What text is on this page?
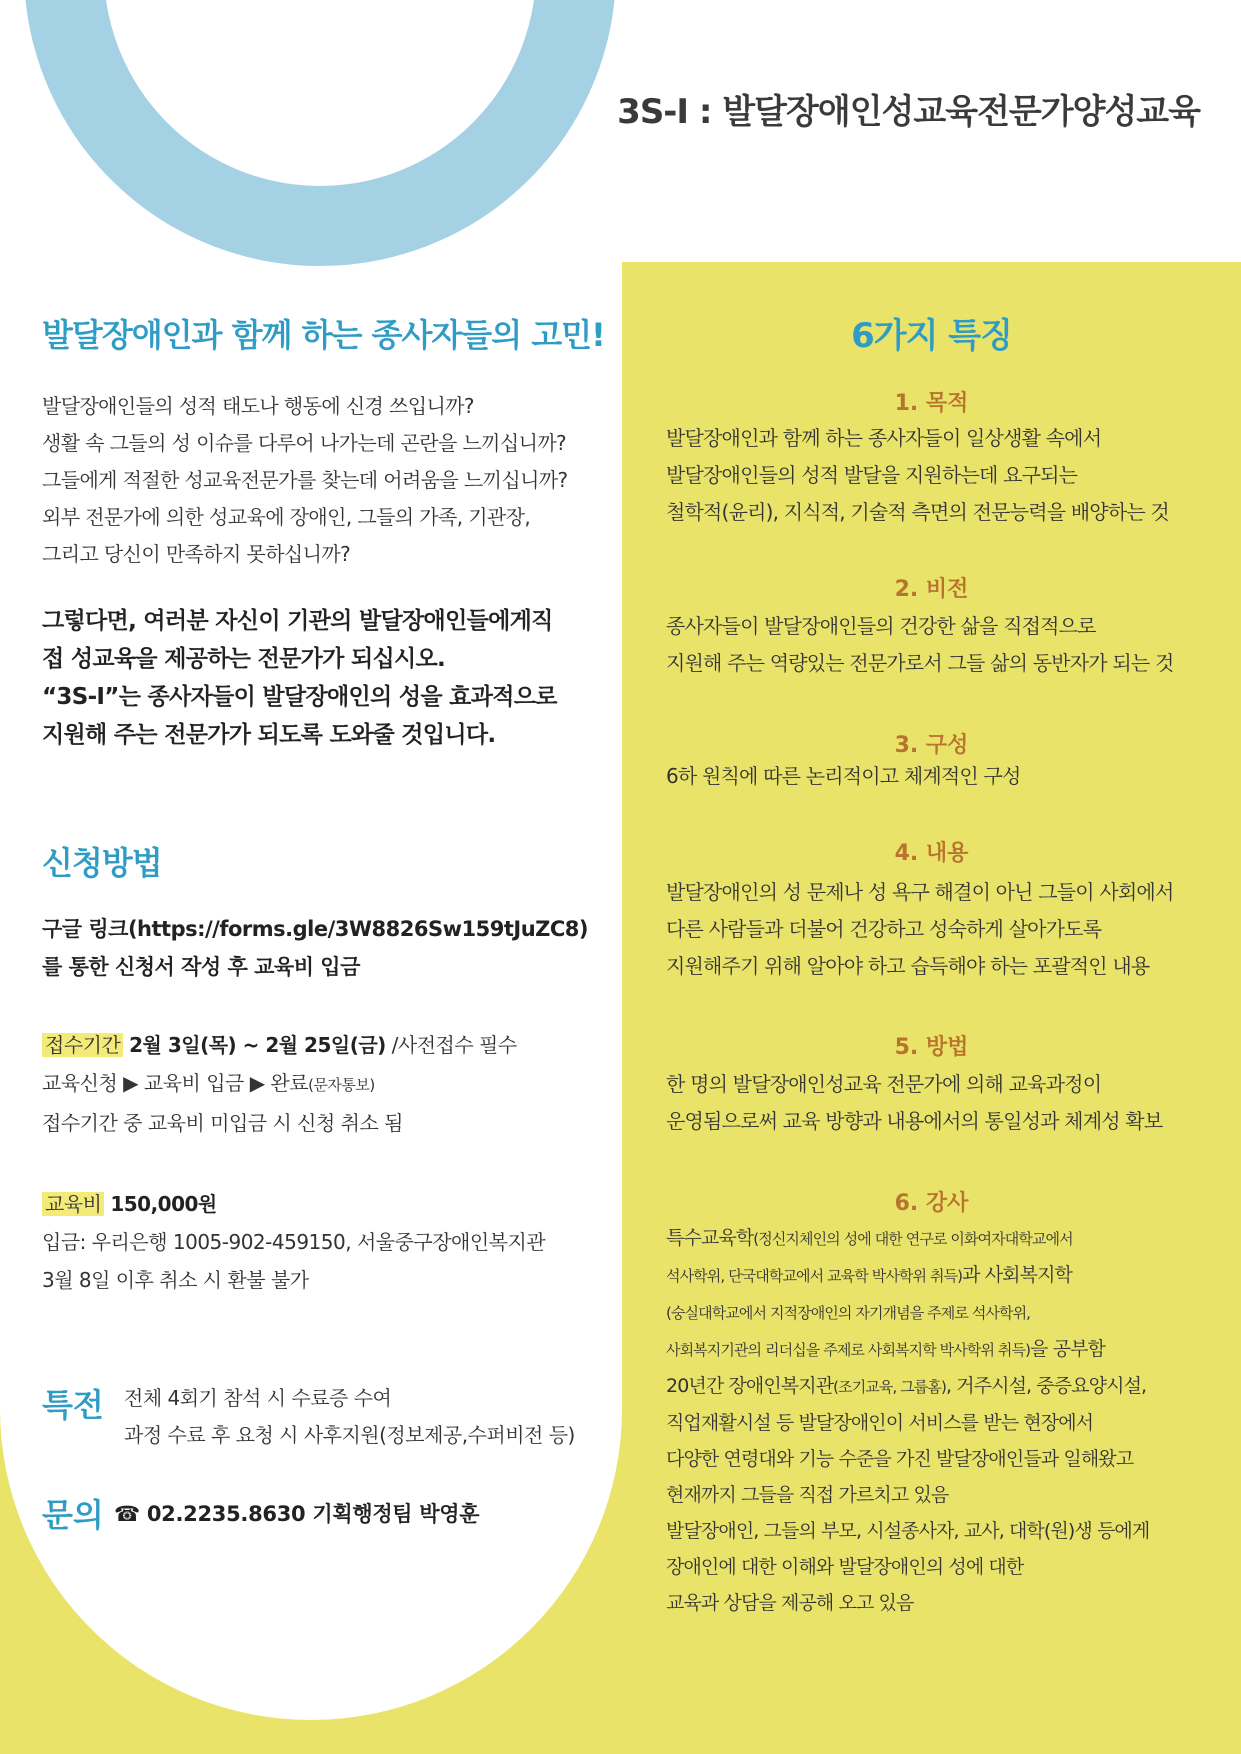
3S-I : 발달장애인성교육전문가양성교육
발달장애인과 함께 하는 종사자들의 고민!
발달장애인들의 성적 태도나 행동에 신경 쓰입니까?
생활 속 그들의 성 이슈를 다루어 나가는데 곤란을 느끼십니까?
그들에게 적절한 성교육전문가를 찾는데 어려움을 느끼십니까?
외부 전문가에 의한 성교육에 장애인, 그들의 가족, 기관장,
그리고 당신이 만족하지 못하십니까?
그렇다면, 여러분 자신이 기관의 발달장애인들에게직
접 성교육을 제공하는 전문가가 되십시오.
“3S-I”는 종사자들이 발달장애인의 성을 효과적으로
지원해 주는 전문가가 되도록 도와줄 것입니다.
신청방법
구글 링크(https://forms.gle/3W8826Sw159tJuZC8)
를 통한 신청서 작성 후 교육비 입금
접수기간 2월 3일(목) ~ 2월 25일(금) /사전접수 필수
교육신청 ▶ 교육비 입금 ▶ 완료(문자통보)
접수기간 중 교육비 미입금 시 신청 취소 됨
교육비 150,000원
입금: 우리은행 1005-902-459150, 서울중구장애인복지관
3월 8일 이후 취소 시 환불 불가
특전 전체 4회기 참석 시 수료증 수여
과정 수료 후 요청 시 사후지원(정보제공,수퍼비전 등)
문의 ☎ 02.2235.8630 기획행정팀 박영훈
6가지 특징
1. 목적
발달장애인과 함께 하는 종사자들이 일상생활 속에서
발달장애인들의 성적 발달을 지원하는데 요구되는
철학적(윤리), 지식적, 기술적 측면의 전문능력을 배양하는 것
2. 비전
종사자들이 발달장애인들의 건강한 삶을 직접적으로
지원해 주는 역량있는 전문가로서 그들 삶의 동반자가 되는 것
3. 구성
6하 원칙에 따른 논리적이고 체계적인 구성
4. 내용
발달장애인의 성 문제나 성 욕구 해결이 아닌 그들이 사회에서
다른 사람들과 더불어 건강하고 성숙하게 살아가도록
지원해주기 위해 알아야 하고 습득해야 하는 포괄적인 내용
5. 방법
한 명의 발달장애인성교육 전문가에 의해 교육과정이
운영됨으로써 교육 방향과 내용에서의 통일성과 체계성 확보
6. 강사
특수교육학(정신지체인의 성에 대한 연구로 이화여자대학교에서
석사학위, 단국대학교에서 교육학 박사학위 취득)과 사회복지학
(숭실대학교에서 지적장애인의 자기개념을 주제로 석사학위,
사회복지기관의 리더십을 주제로 사회복지학 박사학위 취득)을 공부함
20년간 장애인복지관(조기교육, 그룹홈), 거주시설, 중증요양시설,
직업재활시설 등 발달장애인이 서비스를 받는 현장에서
다양한 연령대와 기능 수준을 가진 발달장애인들과 일해왔고
현재까지 그들을 직접 가르치고 있음
발달장애인, 그들의 부모, 시설종사자, 교사, 대학(원)생 등에게
장애인에 대한 이해와 발달장애인의 성에 대한
교육과 상담을 제공해 오고 있음
